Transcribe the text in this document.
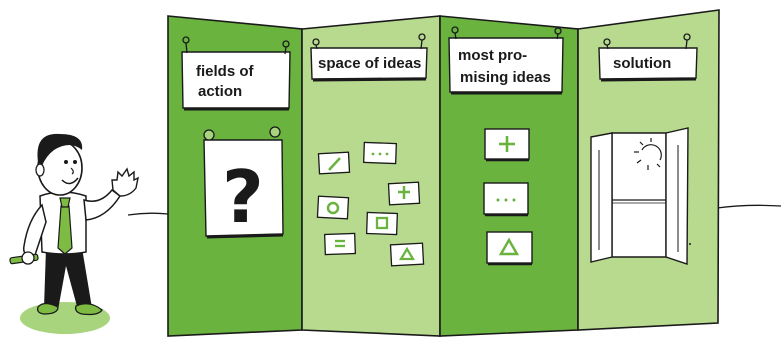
fields of
action
?
space of ideas most pro-
mising ideas
solution
